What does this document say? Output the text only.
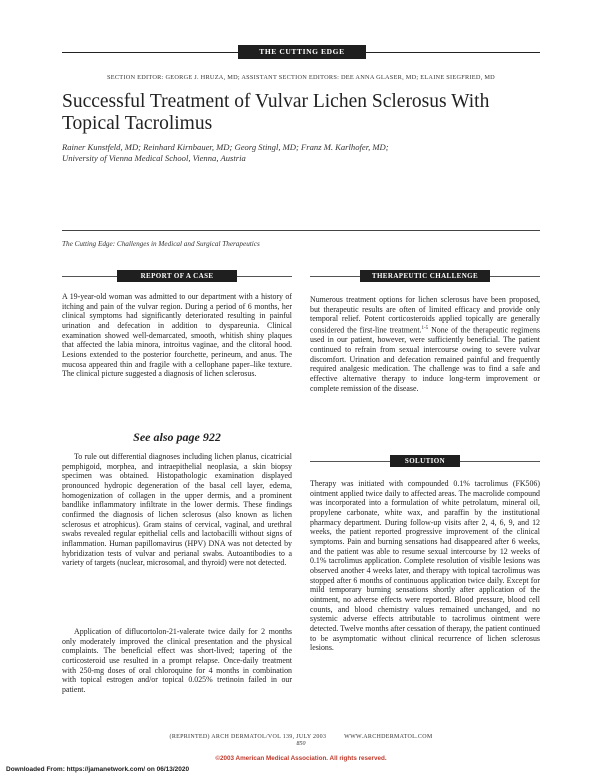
THE CUTTING EDGE
SECTION EDITOR: GEORGE J. HRUZA, MD; ASSISTANT SECTION EDITORS: DEE ANNA GLASER, MD; ELAINE SIEGFRIED, MD
Successful Treatment of Vulvar Lichen Sclerosus With Topical Tacrolimus
Rainer Kunstfeld, MD; Reinhard Kirnbauer, MD; Georg Stingl, MD; Franz M. Karlhofer, MD;
University of Vienna Medical School, Vienna, Austria
The Cutting Edge: Challenges in Medical and Surgical Therapeutics
REPORT OF A CASE
A 19-year-old woman was admitted to our department with a history of itching and pain of the vulvar region. During a period of 6 months, her clinical symptoms had significantly deteriorated resulting in painful urination and defecation in addition to dyspareunia. Clinical examination showed well-demarcated, smooth, whitish shiny plaques that affected the labia minora, introitus vaginae, and the clitoral hood. Lesions extended to the posterior fourchette, perineum, and anus. The mucosa appeared thin and fragile with a cellophane paper–like texture. The clinical picture suggested a diagnosis of lichen sclerosus.
See also page 922
To rule out differential diagnoses including lichen planus, cicatricial pemphigoid, morphea, and intraepithelial neoplasia, a skin biopsy specimen was obtained. Histopathologic examination displayed pronounced hydropic degeneration of the basal cell layer, edema, homogenization of collagen in the upper dermis, and a prominent bandlike inflammatory infiltrate in the lower dermis. These findings confirmed the diagnosis of lichen sclerosus (also known as lichen sclerosus et atrophicus). Gram stains of cervical, vaginal, and urethral swabs revealed regular epithelial cells and lactobacilli without signs of inflammation. Human papillomavirus (HPV) DNA was not detected by hybridization tests of vulvar and perianal swabs. Autoantibodies to a variety of targets (nuclear, microsomal, and thyroid) were not detected.
Application of diflucortolon-21-valerate twice daily for 2 months only moderately improved the clinical presentation and the physical complaints. The beneficial effect was short-lived; tapering of the corticosteroid use resulted in a prompt relapse. Once-daily treatment with 250-mg doses of oral chloroquine for 4 months in combination with topical estrogen and/or topical 0.025% tretinoin failed in our patient.
THERAPEUTIC CHALLENGE
Numerous treatment options for lichen sclerosus have been proposed, but therapeutic results are often of limited efficacy and provide only temporal relief. Potent corticosteroids applied topically are generally considered the first-line treatment.$^{1-5}$ None of the therapeutic regimens used in our patient, however, were sufficiently beneficial. The patient continued to refrain from sexual intercourse owing to severe vulvar discomfort. Urination and defecation remained painful and frequently required analgesic medication. The challenge was to find a safe and effective alternative therapy to induce long-term improvement or complete remission of the disease.
SOLUTION
Therapy was initiated with compounded 0.1% tacrolimus (FK506) ointment applied twice daily to affected areas. The macrolide compound was incorporated into a formulation of white petrolatum, mineral oil, propylene carbonate, white wax, and paraffin by the institutional pharmacy department. During follow-up visits after 2, 4, 6, 9, and 12 weeks, the patient reported progressive improvement of the clinical symptoms. Pain and burning sensations had disappeared after 6 weeks, and the patient was able to resume sexual intercourse by 12 weeks of 0.1% tacrolimus application. Complete resolution of visible lesions was observed another 4 weeks later, and therapy with topical tacrolimus was stopped after 6 months of continuous application twice daily. Except for mild temporary burning sensations shortly after application of the ointment, no adverse effects were reported. Blood pressure, blood cell counts, and blood chemistry values remained unchanged, and no systemic adverse effects attributable to tacrolimus ointment were detected. Twelve months after cessation of therapy, the patient continued to be asymptomatic without clinical recurrence of lichen sclerosus lesions.
(REPRINTED) ARCH DERMATOL/VOL 139, JULY 2003          WWW.ARCHDERMATOL.COM
850
©2003 American Medical Association. All rights reserved.
Downloaded From: https://jamanetwork.com/ on 06/13/2020
